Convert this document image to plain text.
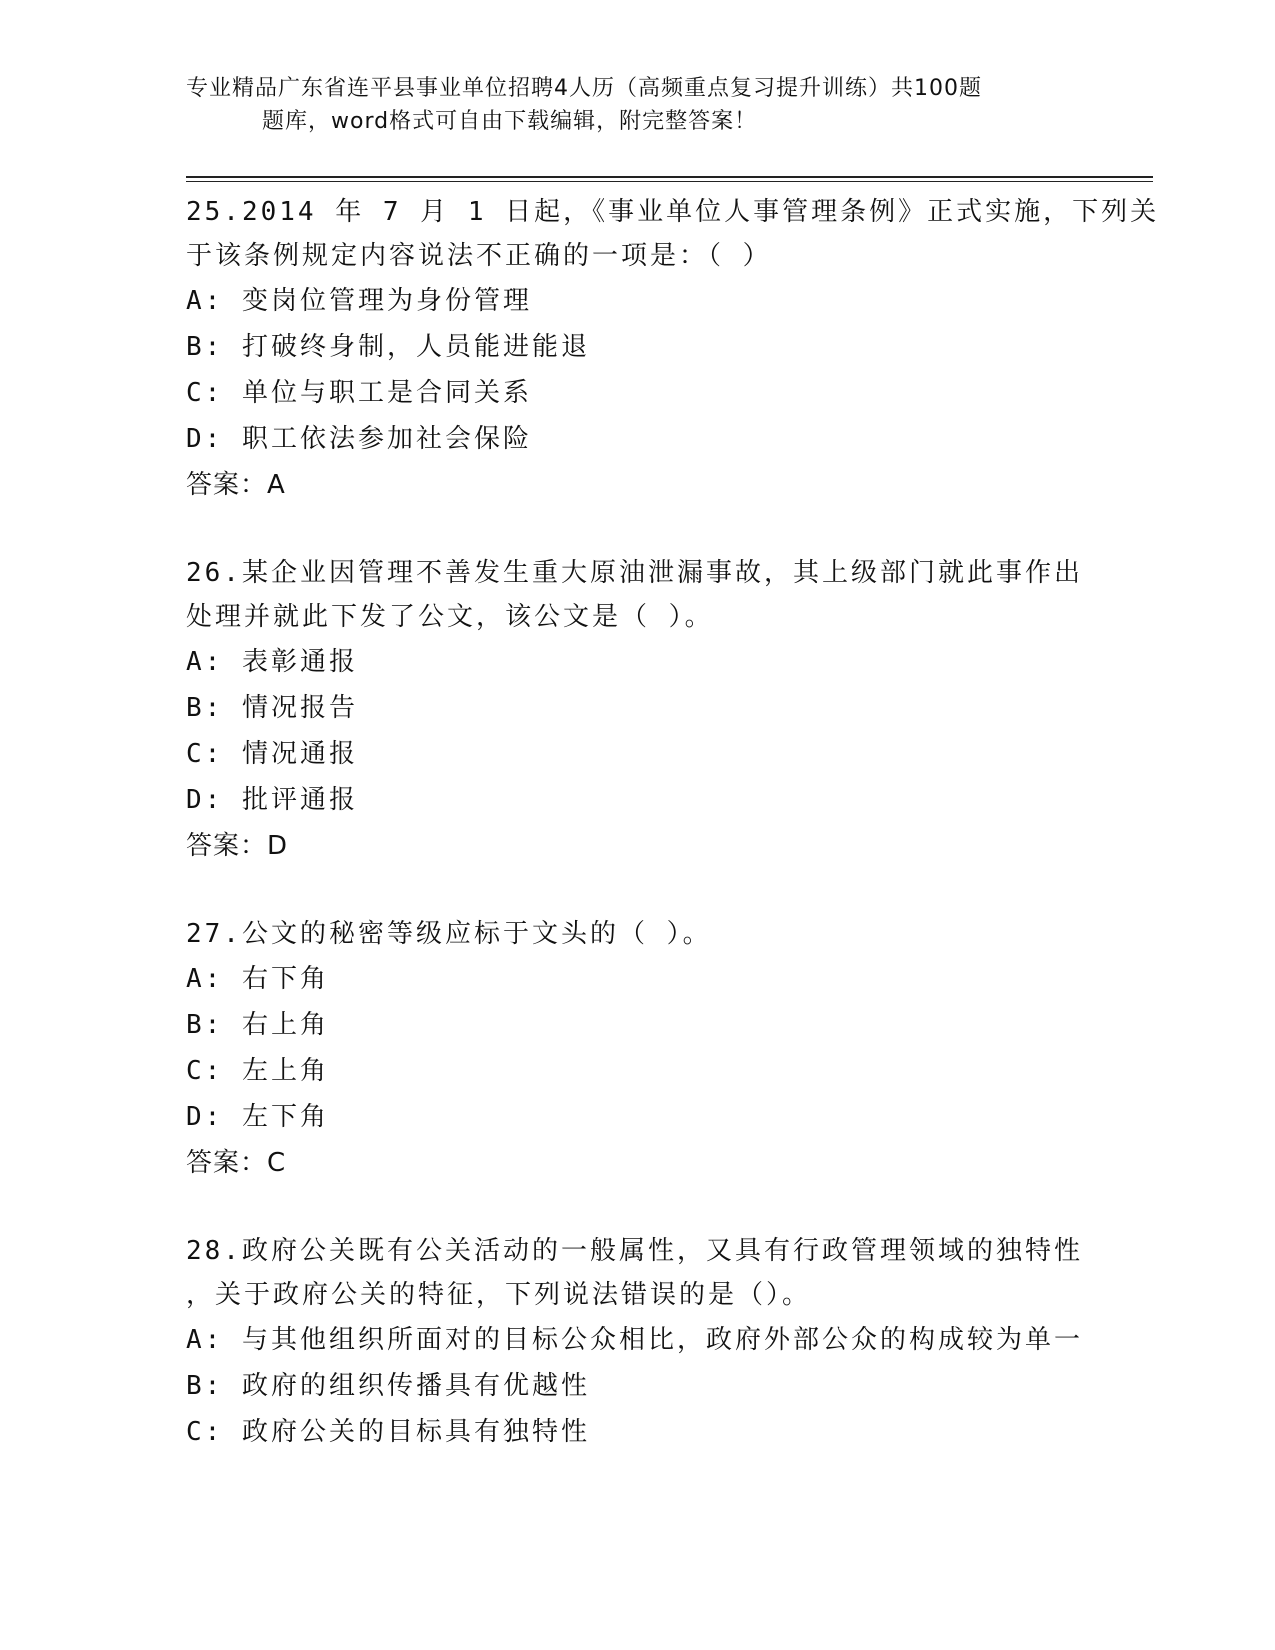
专业精品广东省连平县事业单位招聘4人历（高频重点复习提升训练）共100题
题库，word格式可自由下载编辑，附完整答案！

25.2014 年 7 月 1 日起，《事业单位人事管理条例》正式实施，下列关

于该条例规定内容说法不正确的一项是：（ ）

A: 变岗位管理为身份管理

B: 打破终身制，人员能进能退

C: 单位与职工是合同关系

D: 职工依法参加社会保险

答案：A

26.某企业因管理不善发生重大原油泄漏事故，其上级部门就此事作出

处理并就此下发了公文，该公文是（ ）。

A: 表彰通报

B: 情况报告

C: 情况通报

D: 批评通报

答案：D

27.公文的秘密等级应标于文头的（ ）。

A: 右下角

B: 右上角

C: 左上角

D: 左下角

答案：C

28.政府公关既有公关活动的一般属性，又具有行政管理领域的独特性

，关于政府公关的特征，下列说法错误的是（）。

A: 与其他组织所面对的目标公众相比，政府外部公众的构成较为单一

B: 政府的组织传播具有优越性

C: 政府公关的目标具有独特性
